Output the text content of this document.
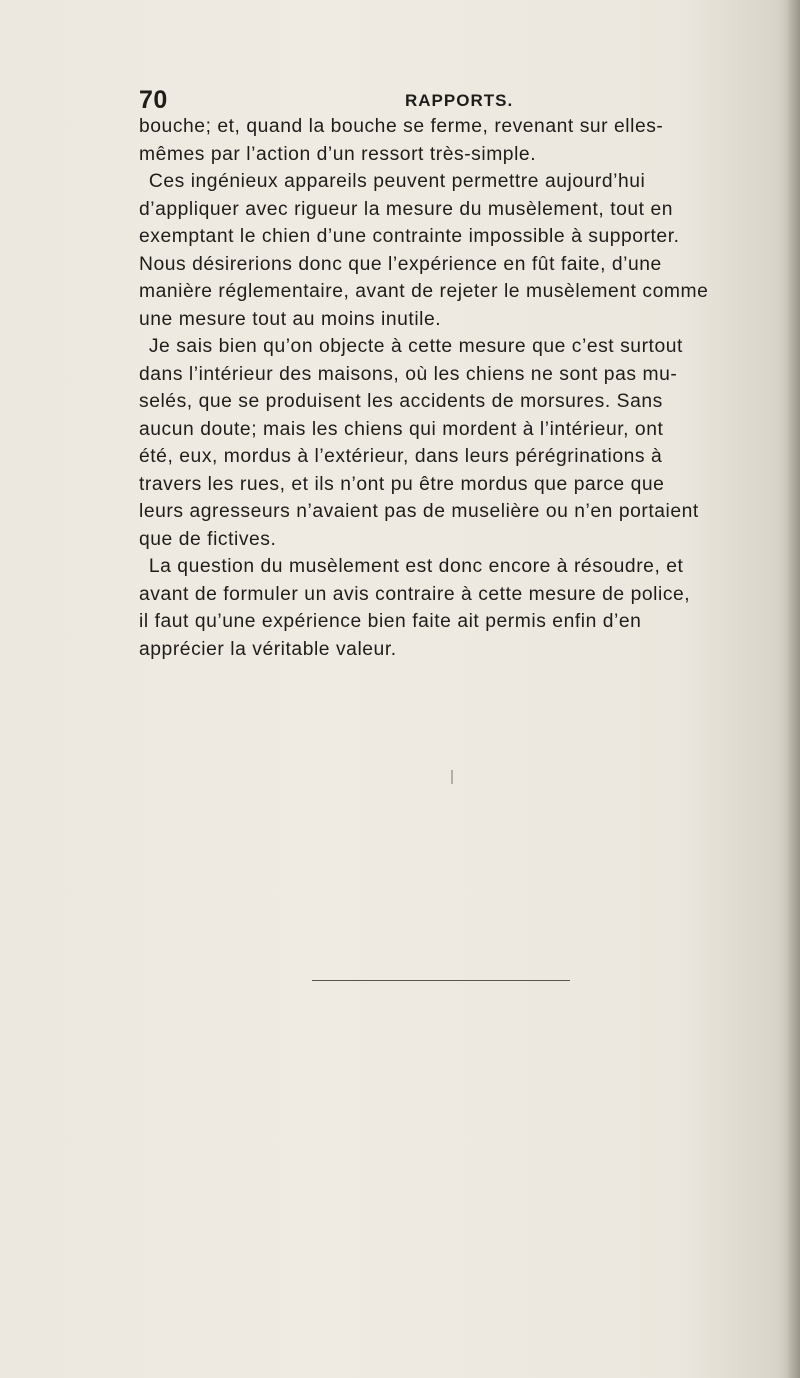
70	RAPPORTS.
bouche; et, quand la bouche se ferme, revenant sur elles-
mêmes par l’action d’un ressort très-simple.
Ces ingénieux appareils peuvent permettre aujourd’hui
d’appliquer avec rigueur la mesure du musèlement, tout en
exemptant le chien d’une contrainte impossible à supporter.
Nous désirerions donc que l’expérience en fût faite, d’une
manière réglementaire, avant de rejeter le musèlement comme
une mesure tout au moins inutile.
Je sais bien qu’on objecte à cette mesure que c’est surtout
dans l’intérieur des maisons, où les chiens ne sont pas mu-
selés, que se produisent les accidents de morsures. Sans
aucun doute; mais les chiens qui mordent à l’intérieur, ont
été, eux, mordus à l’extérieur, dans leurs pérégrinations à
travers les rues, et ils n’ont pu être mordus que parce que
leurs agresseurs n’avaient pas de muselière ou n’en portaient
que de fictives.
La question du musèlement est donc encore à résoudre, et
avant de formuler un avis contraire à cette mesure de police,
il faut qu’une expérience bien faite ait permis enfin d’en
apprécier la véritable valeur.
